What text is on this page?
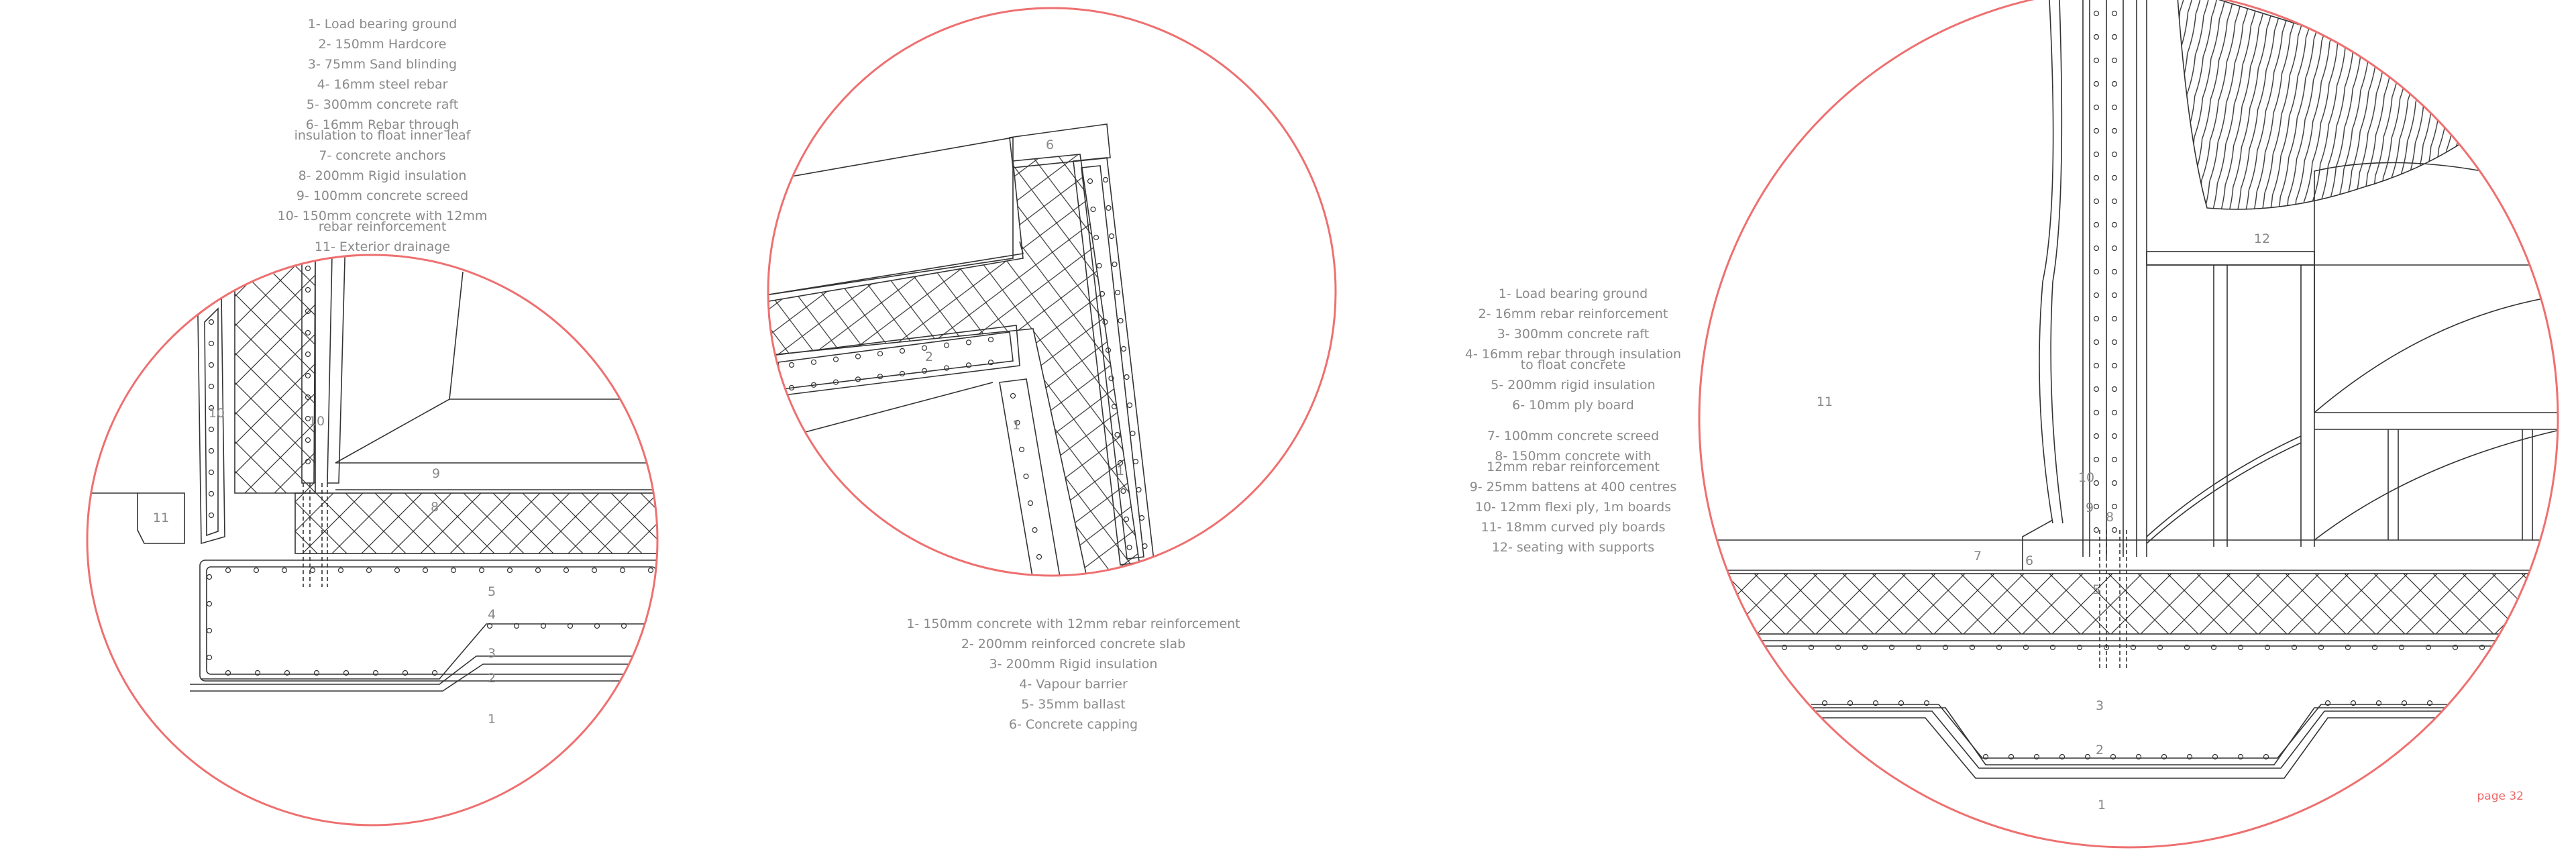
1- Load bearing ground
2- 150mm Hardcore
3- 75mm Sand blinding
4- 16mm steel rebar
5- 300mm concrete raft
6- 16mm Rebar through
insulation to float inner leaf
7- concrete anchors
8- 200mm Rigid insulation
9- 100mm concrete screed
10- 150mm concrete with 12mm
rebar reinforcement
11- Exterior drainage
1- 150mm concrete with 12mm rebar reinforcement
2- 200mm reinforced concrete slab
3- 200mm Rigid insulation
4- Vapour barrier
5- 35mm ballast
6- Concrete capping
1- Load bearing ground
2- 16mm rebar reinforcement
3- 300mm concrete raft
4- 16mm rebar through insulation
to float concrete
5- 200mm rigid insulation
6- 10mm ply board
7- 100mm concrete screed
8- 150mm concrete with
12mm rebar reinforcement
9- 25mm battens at 400 centres
10- 12mm flexi ply, 1m boards
11- 18mm curved ply boards
12- seating with supports
page 32
11
10
10
9
8
5
4
3
2
1
6
2
1
1
12
11
10
9
8
7	6
5
3
2
1
